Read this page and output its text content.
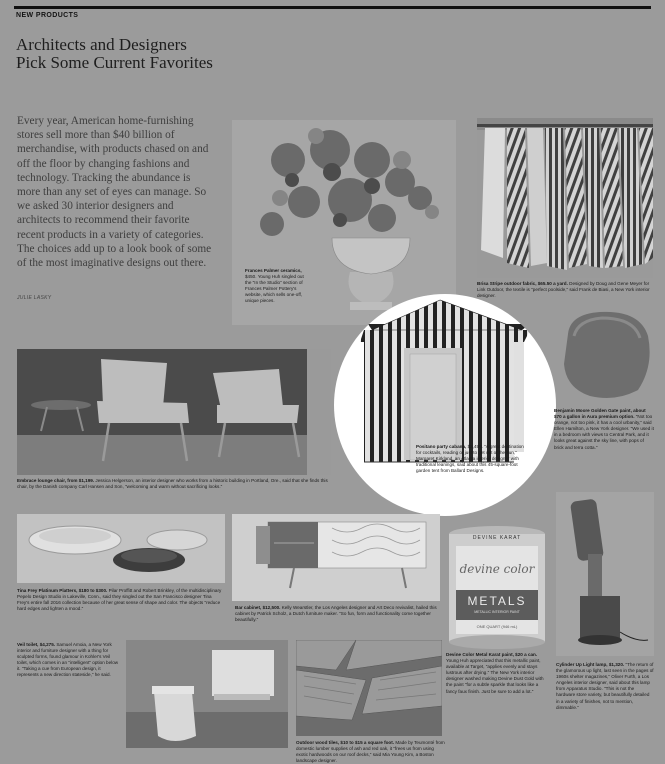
NEW PRODUCTS
Architects and Designers
Pick Some Current Favorites
Every year, American home-furnishing stores sell more than $40 billion of merchandise, with products chased on and off the floor by changing fashions and technology. Tracking the abundance is more than any set of eyes can manage. So we asked 30 interior designers and architects to recommend their favorite recent products in a variety of categories. The choices add up to a look book of some of the most imaginative designs out there.
JULIE LASKY
Frances Palmer ceramics, $450. Young Huh singled out the "In the Studio" section of Frances Palmer Pottery's website, which sells one-off, unique pieces.
Brisa Stripe outdoor fabric, $65.50 a yard. Designed by Doug and Gene Meyer for Link Outdoor, the textile is "perfect poolside," said Frank de Biasi, a New York interior designer.
Embrace lounge chair, from $1,199. Jessica Helgerson, an interior designer who works from a historic building in Portland, Ore., said that she finds this chair, by the Danish company Carl Hansen and Son, "welcoming and warm without sacrificing looks."
Positano party cabana, $2,499. "A great destination for cocktails, reading or just to get out of the sun," Margaret Kirkland, an Atlanta interior designer with traditional leanings, said about this 45-square-foot garden tent from Ballard Designs.
Benjamin Moore Golden Gate paint, about $70 a gallon in Aura premium option. "Not too orange, not too pink, it has a cool urbanity," said Ellen Hamilton, a New York designer. "We used it in a bedroom with views to Central Park, and it looks great against the sky line, with pops of brick and terra cotta."
Tina Frey Platinum Platters, $180 to $300. Pilar Proffitt and Robert Brinkley, of the multidisciplinary Pepelo Design Studio in Lakeville, Conn., said they singled out the San Francisco designer Tina Frey's entire fall 2016 collection because of her great sense of shape and color. The objects "reduce hard edges and lighten a mood."	Bar cabinet, $12,500. Kelly Wearstler, the Los Angeles designer and Art Deco revivalist, hailed this cabinet by Patrick Scholz, a Dutch furniture maker. "So fun, form and functionality come together beautifully."
Veil toilet, $4,275. Samuel Amoia, a New York interior and furniture designer with a thing for sculpted forms, found glamour in Kohler's Veil toilet, which comes in an "intelligent" option below it. "Taking a cue from European design, it represents a new direction stateside," he said.
Outdoor wood tiles, $10 to $15 a square foot. Made by Teumonté from domestic lumber supplies of ash and red oak, it "frees us from using exotic hardwoods on our roof decks," said Mia Young Kim, a Boston landscape designer.
DEVINE KARAT
devine color
METALS
METALLIC INTERIOR PAINT
ONE QUART (946 mL)
Devine Color Metal Karat paint, $20 a can. Young Huh appreciated that this metallic paint, available at Target, "applies evenly and stays lustrous after drying." The New York interior designer washed making Devine Dust Gold with the paint "for a subtle sparkle that looks like a fancy faux finish. Just be sure to add a lot."
Cylinder Up Light lamp, $1,320. "The return of the glamorous up light, last seen in the pages of 1960s shelter magazines," Oliver Furth, a Los Angeles interior designer, said about this lamp from Apparatus Studio. "This is not the hardware store variety, but beautifully detailed in a variety of finishes, not to mention, dimmable."
